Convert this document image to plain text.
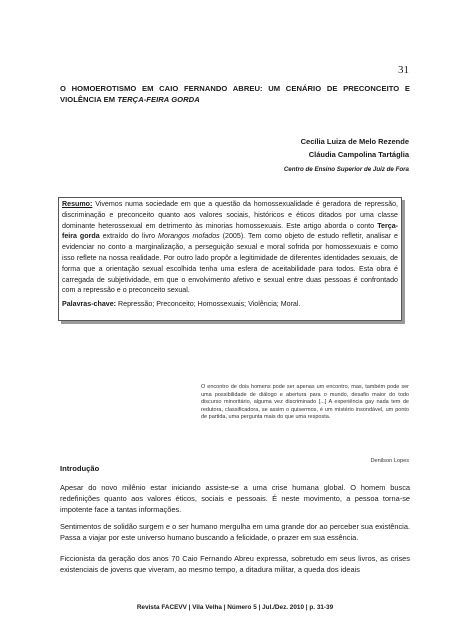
31
O HOMOEROTISMO EM CAIO FERNANDO ABREU: UM CENÁRIO DE PRECONCEITO E VIOLÊNCIA EM TERÇA-FEIRA GORDA
Cecília Luiza de Melo Rezende
Cláudia Campolina Tartáglia
Centro de Ensino Superior de Juiz de Fora

Resumo: Vivemos numa sociedade em que a questão da homossexualidade é geradora de repressão, discriminação e preconceito quanto aos valores sociais, históricos e éticos ditados por uma classe dominante heterossexual em detrimento às minorias homossexuais. Este artigo aborda o conto Terça-feira gorda extraído do livro Morangos mofados (2005). Tem como objeto de estudo refletir, analisar e evidenciar no conto a marginalização, a perseguição sexual e moral sofrida por homossexuais e como isso reflete na nossa realidade. Por outro lado propôr a legitimidade de diferentes identidades sexuais, de forma que a orientação sexual escolhida tenha uma esfera de aceitabilidade para todos. Esta obra é carregada de subjetividade, em que o envolvimento afetivo e sexual entre duas pessoas é confrontado com a repressão e o preconceito sexual.

Palavras-chave: Repressão; Preconceito; Homossexuais; Violência; Moral.

O encontro de dois homens pode ser apenas um encontro, mas, também pode ser uma possibilidade de diálogo e abertura para o mundo, desafio maior do todo discurso minoritário, alguma vez discriminado [...] A experiência gay nada tem de redutora, classificadora, se assim o quisermos, é um mistério insondável, um ponto de partida, uma pergunta mais do que uma resposta.
Denilson Lopes
Introdução
Apesar do novo milênio estar iniciando assiste-se a uma crise humana global. O homem busca redefinições quanto aos valores éticos, sociais e pessoais. É neste movimento, a pessoa torna-se impotente face a tantas informações.
Sentimentos de solidão surgem e o ser humano mergulha em uma grande dor ao perceber sua existência. Passa a viajar por este universo humano buscando a felicidade, o prazer em sua essência.
Ficcionista da geração dos anos 70 Caio Fernando Abreu expressa, sobretudo em seus livros, as crises existenciais de jovens que viveram, ao mesmo tempo, a ditadura militar, a queda dos ideais
Revista FACEVV | Vila Velha | Número 5 | Jul./Dez. 2010 | p. 31-39
